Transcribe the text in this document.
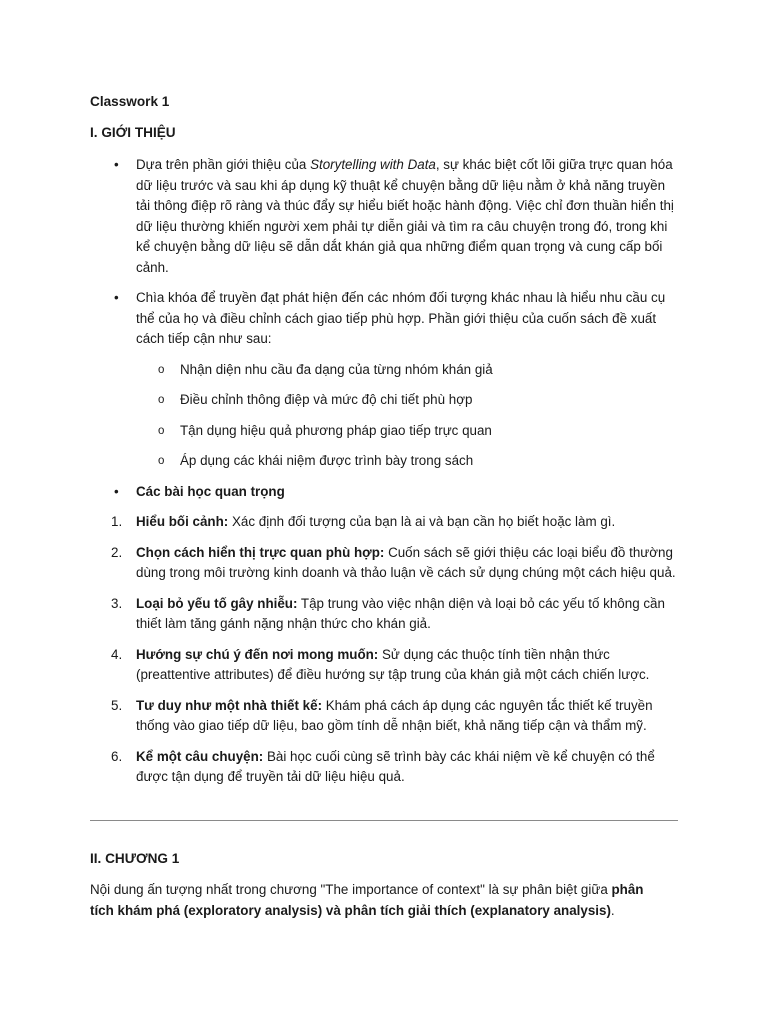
Classwork 1

I. GIỚI THIỆU

• Dựa trên phần giới thiệu của Storytelling with Data, sự khác biệt cốt lõi giữa trực quan hóa dữ liệu trước và sau khi áp dụng kỹ thuật kể chuyện bằng dữ liệu nằm ở khả năng truyền tải thông điệp rõ ràng và thúc đẩy sự hiểu biết hoặc hành động. Việc chỉ đơn thuần hiển thị dữ liệu thường khiến người xem phải tự diễn giải và tìm ra câu chuyện trong đó, trong khi kể chuyện bằng dữ liệu sẽ dẫn dắt khán giả qua những điểm quan trọng và cung cấp bối cảnh.
• Chìa khóa để truyền đạt phát hiện đến các nhóm đối tượng khác nhau là hiểu nhu cầu cụ thể của họ và điều chỉnh cách giao tiếp phù hợp. Phần giới thiệu của cuốn sách đề xuất cách tiếp cận như sau:
o Nhận diện nhu cầu đa dạng của từng nhóm khán giả
o Điều chỉnh thông điệp và mức độ chi tiết phù hợp
o Tận dụng hiệu quả phương pháp giao tiếp trực quan
o Áp dụng các khái niệm được trình bày trong sách
• Các bài học quan trọng
1. Hiểu bối cảnh: Xác định đối tượng của bạn là ai và bạn cần họ biết hoặc làm gì.
2. Chọn cách hiển thị trực quan phù hợp: Cuốn sách sẽ giới thiệu các loại biểu đồ thường dùng trong môi trường kinh doanh và thảo luận về cách sử dụng chúng một cách hiệu quả.
3. Loại bỏ yếu tố gây nhiễu: Tập trung vào việc nhận diện và loại bỏ các yếu tố không cần thiết làm tăng gánh nặng nhận thức cho khán giả.
4. Hướng sự chú ý đến nơi mong muốn: Sử dụng các thuộc tính tiền nhận thức (preattentive attributes) để điều hướng sự tập trung của khán giả một cách chiến lược.
5. Tư duy như một nhà thiết kế: Khám phá cách áp dụng các nguyên tắc thiết kế truyền thống vào giao tiếp dữ liệu, bao gồm tính dễ nhận biết, khả năng tiếp cận và thẩm mỹ.
6. Kể một câu chuyện: Bài học cuối cùng sẽ trình bày các khái niệm về kể chuyện có thể được tận dụng để truyền tải dữ liệu hiệu quả.

II. CHƯƠNG 1

Nội dung ấn tượng nhất trong chương "The importance of context" là sự phân biệt giữa phân tích khám phá (exploratory analysis) và phân tích giải thích (explanatory analysis).
